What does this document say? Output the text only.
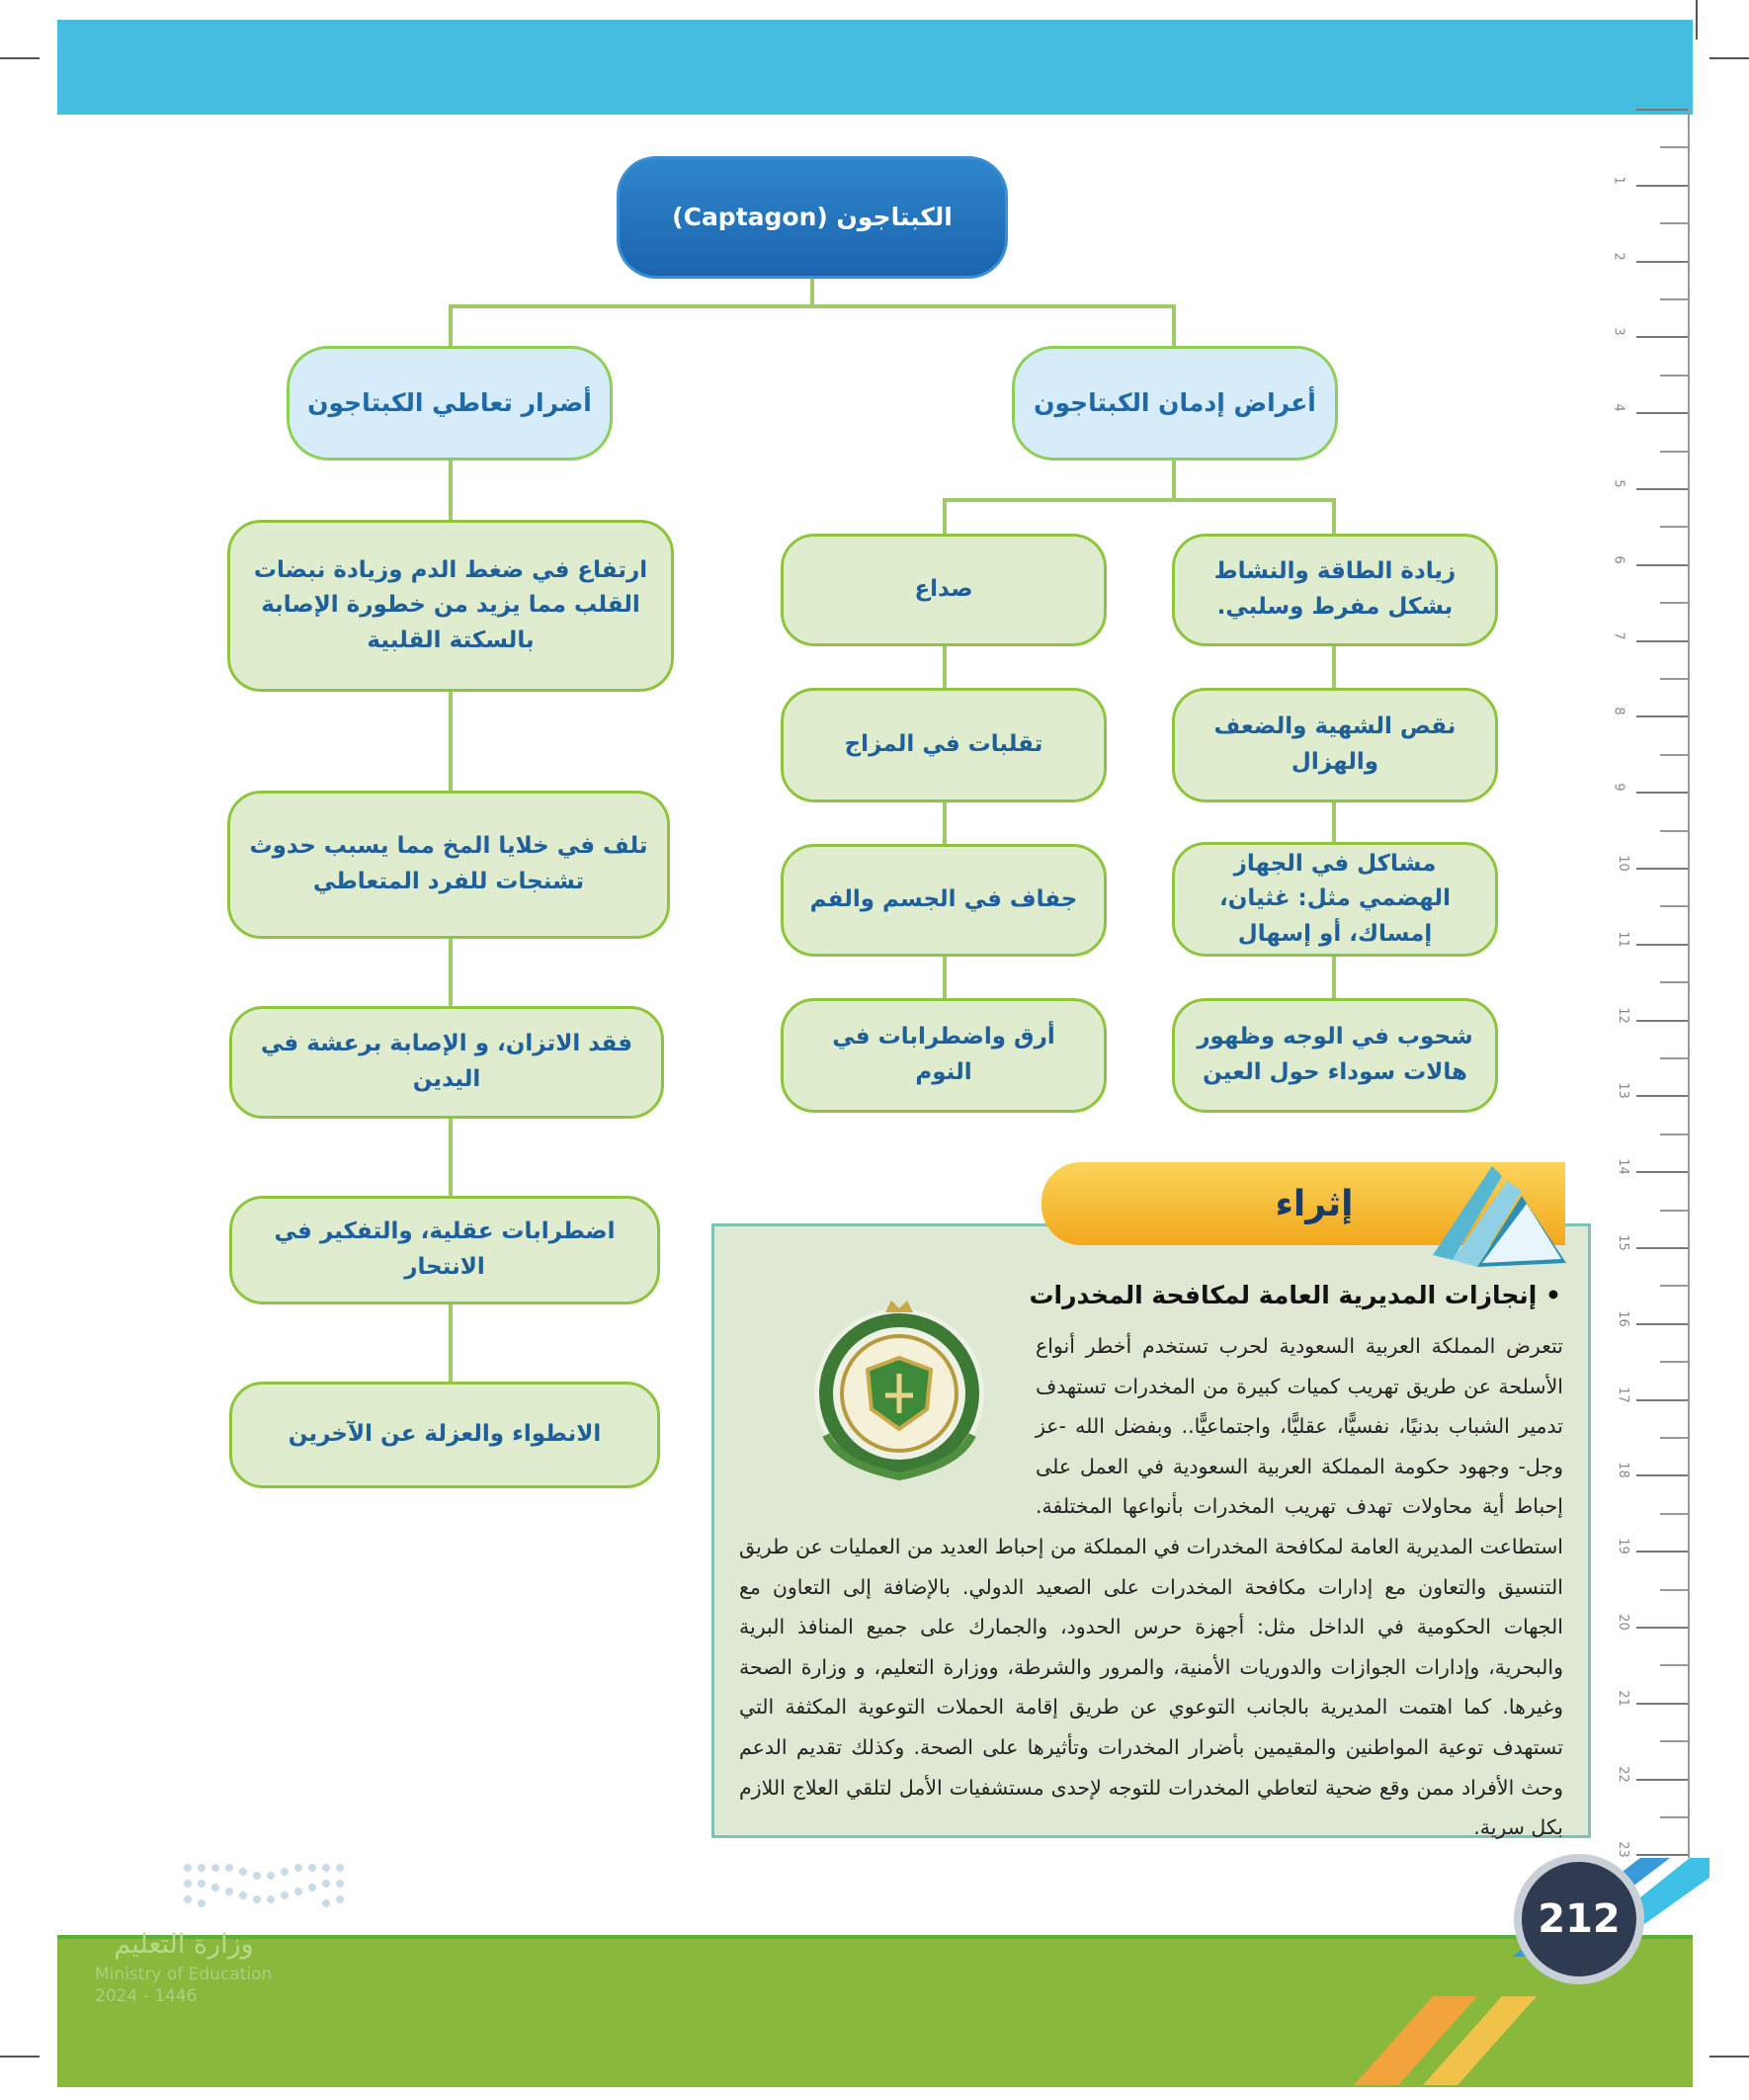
1
2
3
4
5
6
7
8
9
10
11
12
13
14
15
16
17
18
19
20
21
22
23
الكبتاجون (Captagon)
أضرار تعاطي الكبتاجون	أعراض إدمان الكبتاجون
ارتفاع في ضغط الدم وزيادة نبضات القلب مما يزيد من خطورة الإصابة بالسكتة القلبية
تلف في خلايا المخ مما يسبب حدوث تشنجات للفرد المتعاطي
فقد الاتزان، و الإصابة برعشة في اليدين
اضطرابات عقلية، والتفكير في الانتحار
الانطواء والعزلة عن الآخرين
صداع
تقلبات في المزاج
جفاف في الجسم والفم
أرق واضطرابات في النوم
زيادة الطاقة والنشاط بشكل مفرط وسلبي.
نقص الشهية والضعف والهزال
مشاكل في الجهاز الهضمي مثل: غثيان، إمساك، أو إسهال
شحوب في الوجه وظهور هالات سوداء حول العين
إثراء
• إنجازات المديرية العامة لمكافحة المخدرات
تتعرض المملكة العربية السعودية لحرب تستخدم أخطر أنواع الأسلحة عن طريق تهريب كميات كبيرة من المخدرات تستهدف تدمير الشباب بدنيًا، نفسيًّا، عقليًّا، واجتماعيًّا.. وبفضل الله -عز وجل- وجهود حكومة المملكة العربية السعودية في العمل على إحباط أية محاولات تهدف تهريب المخدرات بأنواعها المختلفة. استطاعت المديرية العامة لمكافحة المخدرات في المملكة من إحباط العديد من العمليات عن طريق التنسيق والتعاون مع إدارات مكافحة المخدرات على الصعيد الدولي. بالإضافة إلى التعاون مع الجهات الحكومية في الداخل مثل: أجهزة حرس الحدود، والجمارك على جميع المنافذ البرية والبحرية، وإدارات الجوازات والدوريات الأمنية، والمرور والشرطة، ووزارة التعليم، و وزارة الصحة وغيرها. كما اهتمت المديرية بالجانب التوعوي عن طريق إقامة الحملات التوعوية المكثفة التي تستهدف توعية المواطنين والمقيمين بأضرار المخدرات وتأثيرها على الصحة. وكذلك تقديم الدعم وحث الأفراد ممن وقع ضحية لتعاطي المخدرات للتوجه لإحدى مستشفيات الأمل لتلقي العلاج اللازم بكل سرية.
212
وزارة التعليم
Ministry of Education
2024 - 1446
